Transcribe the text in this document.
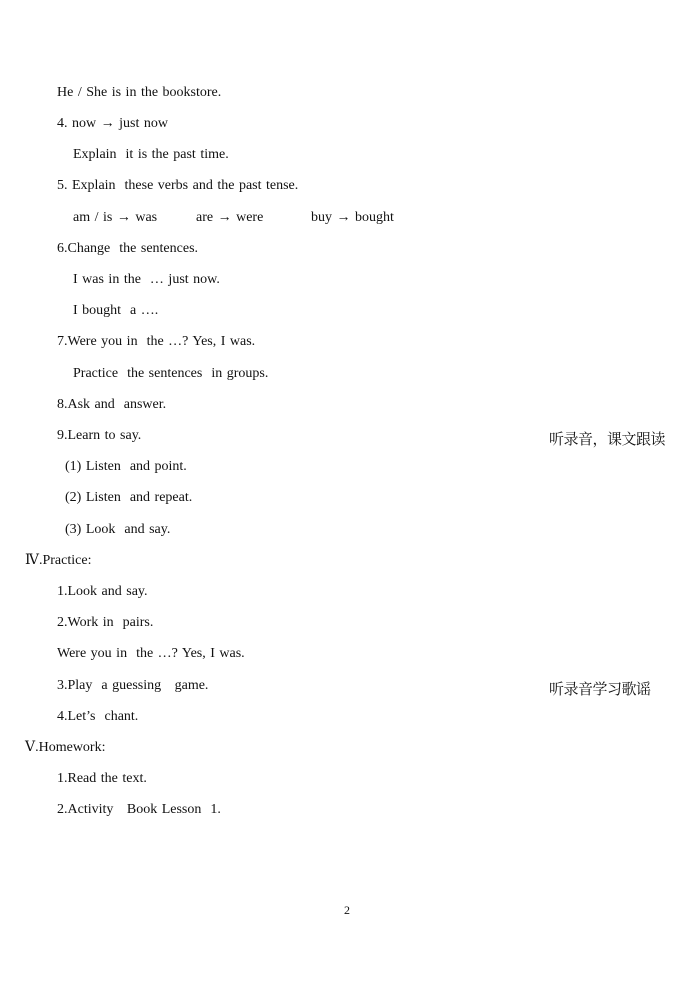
He / She is in the bookstore.
4. now → just now
Explain  it is the past time.
5. Explain  these verbs and the past tense.
am / is → was	are → were	buy → bought
6.Change  the sentences.
I was in the  … just now.
I bought  a ….
7.Were you in  the …? Yes, I was.
Practice  the sentences  in groups.
8.Ask and  answer.
9.Learn to say.
(1) Listen  and point.
(2) Listen  and repeat.
(3) Look  and say.
Ⅳ.Practice:
1.Look and say.
2.Work in  pairs.
Were you in  the …? Yes, I was.
3.Play  a guessing   game.
4.Let’s  chant.
Ⅴ.Homework:
1.Read the text.
2.Activity   Book Lesson  1.
听录音，课文跟读
听录音学习歌谣
2
